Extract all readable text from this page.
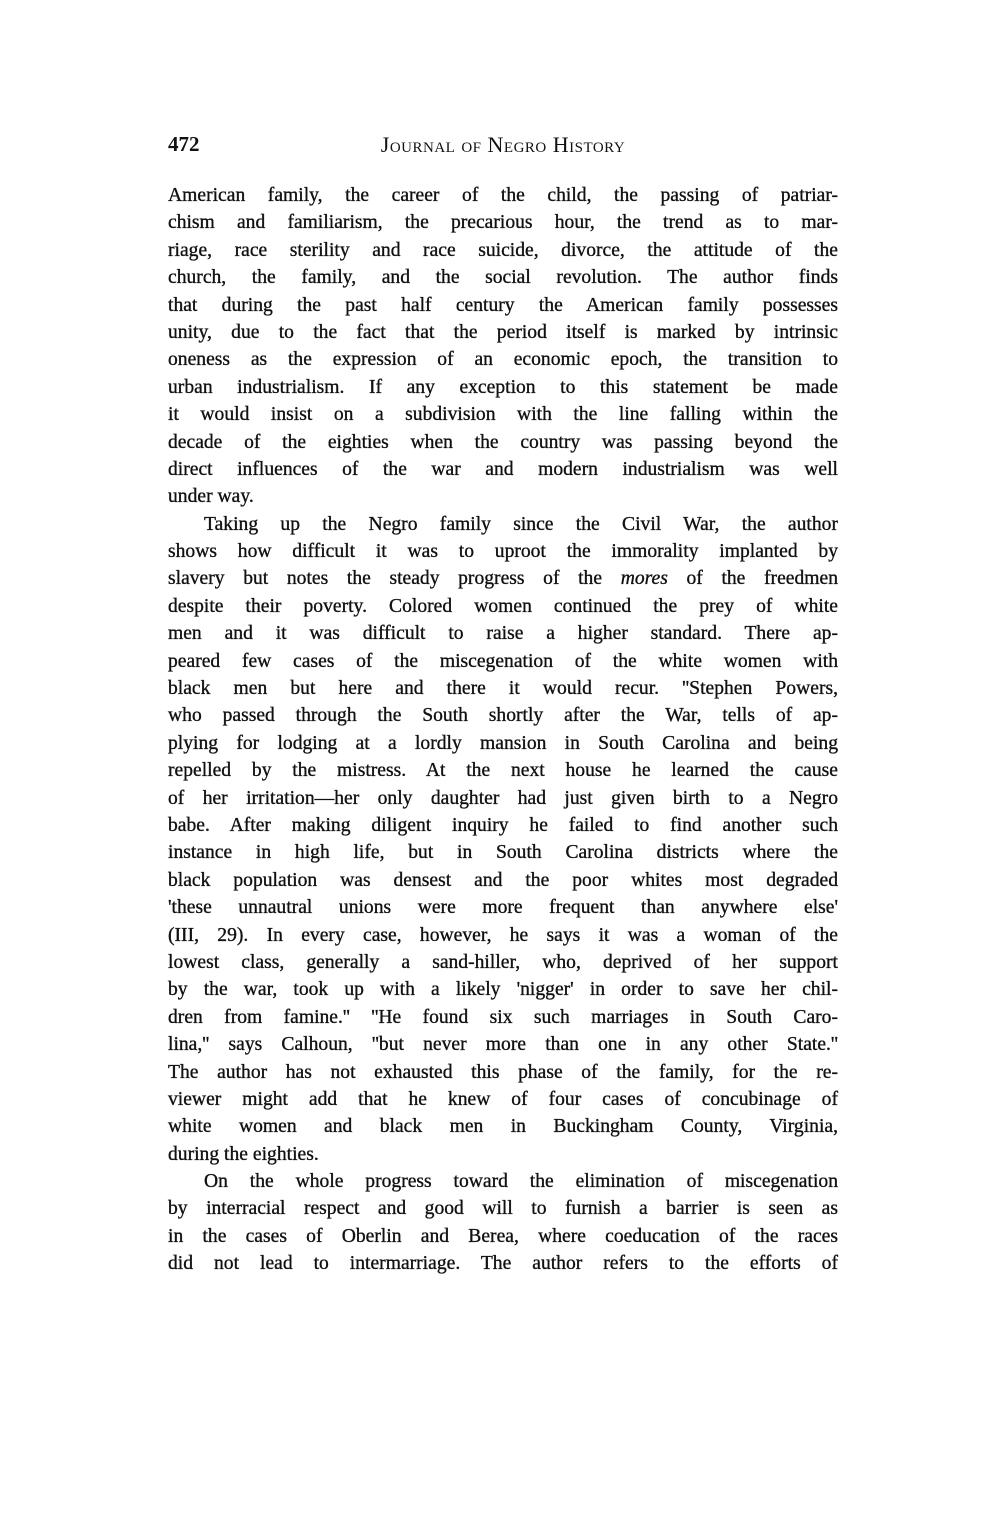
472	Journal of Negro History
American family, the career of the child, the passing of patriar-
chism and familiarism, the precarious hour, the trend as to mar-
riage, race sterility and race suicide, divorce, the attitude of the
church, the family, and the social revolution. The author finds
that during the past half century the American family possesses
unity, due to the fact that the period itself is marked by intrinsic
oneness as the expression of an economic epoch, the transition to
urban industrialism. If any exception to this statement be made
it would insist on a subdivision with the line falling within the
decade of the eighties when the country was passing beyond the
direct influences of the war and modern industrialism was well
under way.
Taking up the Negro family since the Civil War, the author
shows how difficult it was to uproot the immorality implanted by
slavery but notes the steady progress of the mores of the freedmen
despite their poverty. Colored women continued the prey of white
men and it was difficult to raise a higher standard. There ap-
peared few cases of the miscegenation of the white women with
black men but here and there it would recur. ''Stephen Powers,
who passed through the South shortly after the War, tells of ap-
plying for lodging at a lordly mansion in South Carolina and being
repelled by the mistress. At the next house he learned the cause
of her irritation—her only daughter had just given birth to a Negro
babe. After making diligent inquiry he failed to find another such
instance in high life, but in South Carolina districts where the
black population was densest and the poor whites most degraded
'these unnautral unions were more frequent than anywhere else'
(III, 29). In every case, however, he says it was a woman of the
lowest class, generally a sand-hiller, who, deprived of her support
by the war, took up with a likely 'nigger' in order to save her chil-
dren from famine.'' ''He found six such marriages in South Caro-
lina,'' says Calhoun, ''but never more than one in any other State.''
The author has not exhausted this phase of the family, for the re-
viewer might add that he knew of four cases of concubinage of
white women and black men in Buckingham County, Virginia,
during the eighties.
On the whole progress toward the elimination of miscegenation
by interracial respect and good will to furnish a barrier is seen as
in the cases of Oberlin and Berea, where coeducation of the races
did not lead to intermarriage. The author refers to the efforts of
